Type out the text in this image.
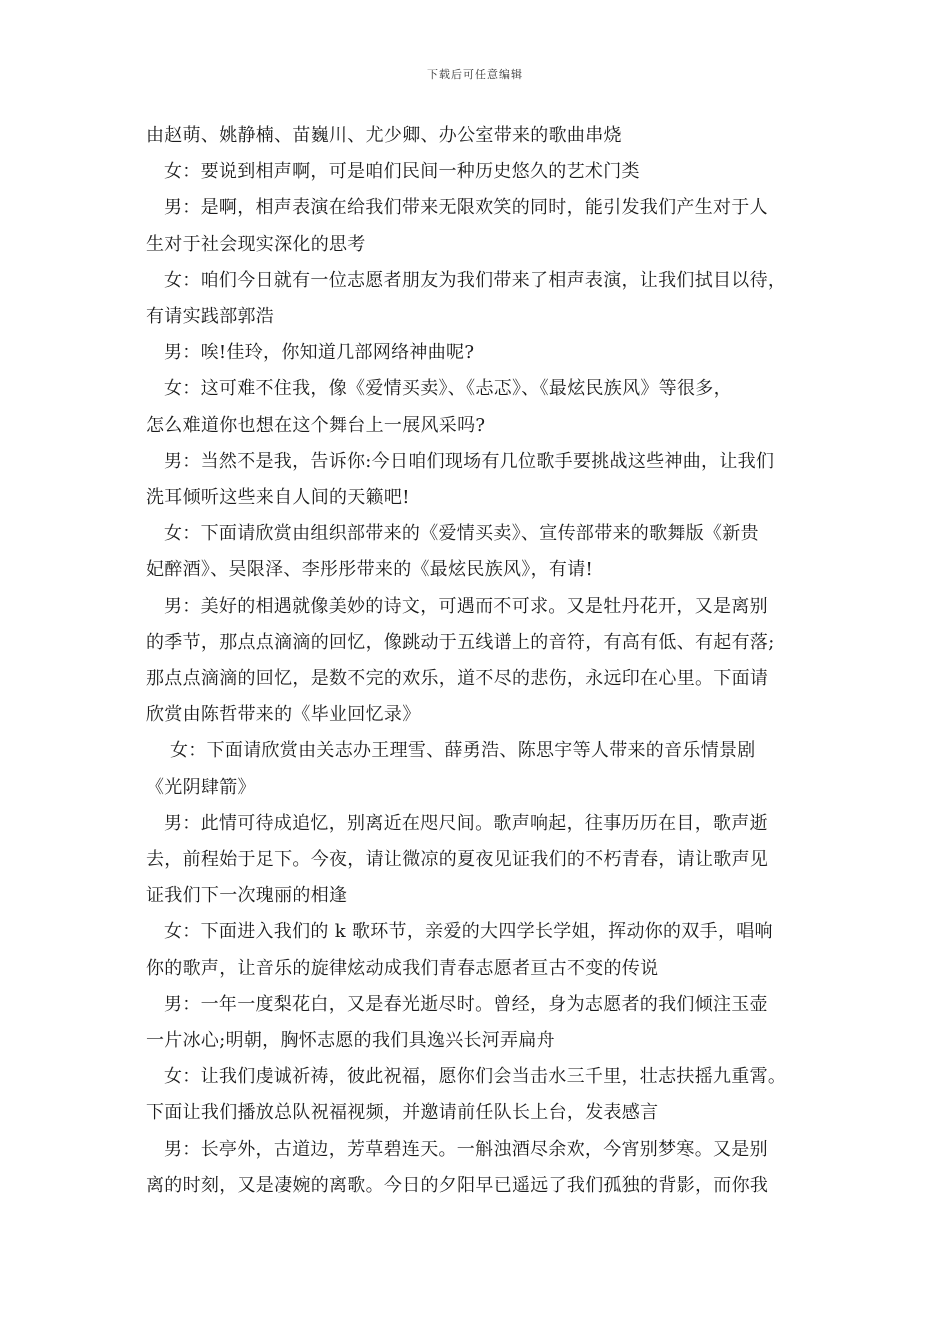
下载后可任意编辑

由赵萌、姚静楠、苗巍川、尤少卿、办公室带来的歌曲串烧

女：要说到相声啊，可是咱们民间一种历史悠久的艺术门类

男：是啊，相声表演在给我们带来无限欢笑的同时，能引发我们产生对于人

生对于社会现实深化的思考

女：咱们今日就有一位志愿者朋友为我们带来了相声表演，让我们拭目以待，

有请实践部郭浩

男：唉!佳玲，你知道几部网络神曲呢?

女：这可难不住我，像《爱情买卖》、《忐忑》、《最炫民族风》等很多，

怎么难道你也想在这个舞台上一展风采吗?

男：当然不是我，告诉你:今日咱们现场有几位歌手要挑战这些神曲，让我们

洗耳倾听这些来自人间的天籁吧!

女：下面请欣赏由组织部带来的《爱情买卖》、宣传部带来的歌舞版《新贵

妃醉酒》、吴限泽、李彤彤带来的《最炫民族风》，有请!

男：美好的相遇就像美妙的诗文，可遇而不可求。又是牡丹花开，又是离别

的季节，那点点滴滴的回忆，像跳动于五线谱上的音符，有高有低、有起有落;

那点点滴滴的回忆，是数不完的欢乐，道不尽的悲伤，永远印在心里。下面请

欣赏由陈哲带来的《毕业回忆录》

女：下面请欣赏由关志办王理雪、薛勇浩、陈思宇等人带来的音乐情景剧

《光阴肆箭》

男：此情可待成追忆，别离近在咫尺间。歌声响起，往事历历在目，歌声逝

去，前程始于足下。今夜，请让微凉的夏夜见证我们的不朽青春，请让歌声见

证我们下一次瑰丽的相逢

女：下面进入我们的 k 歌环节，亲爱的大四学长学姐，挥动你的双手，唱响

你的歌声，让音乐的旋律炫动成我们青春志愿者亘古不变的传说

男：一年一度梨花白，又是春光逝尽时。曾经，身为志愿者的我们倾注玉壶

一片冰心;明朝，胸怀志愿的我们具逸兴长河弄扁舟

女：让我们虔诚祈祷，彼此祝福，愿你们会当击水三千里，壮志扶摇九重霄。

下面让我们播放总队祝福视频，并邀请前任队长上台，发表感言

男：长亭外，古道边，芳草碧连天。一斛浊酒尽余欢，今宵别梦寒。又是别

离的时刻，又是凄婉的离歌。今日的夕阳早已遥远了我们孤独的背影，而你我
